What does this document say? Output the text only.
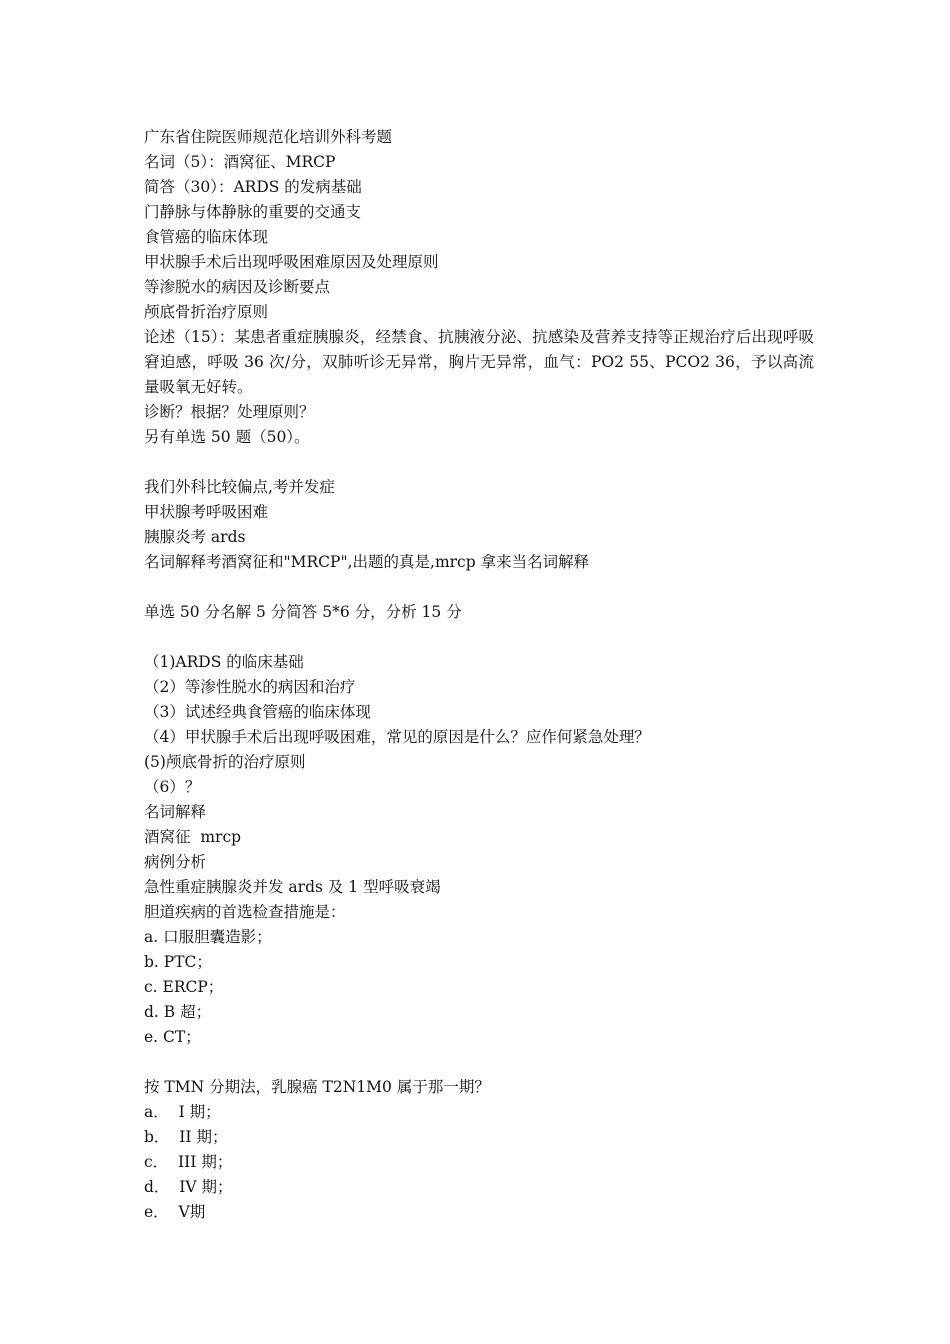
广东省住院医师规范化培训外科考题
名词（5）：酒窝征、MRCP
简答（30）：ARDS 的发病基础
门静脉与体静脉的重要的交通支
食管癌的临床体现
甲状腺手术后出现呼吸困难原因及处理原则
等渗脱水的病因及诊断要点
颅底骨折治疗原则
论述（15）：某患者重症胰腺炎，经禁食、抗胰液分泌、抗感染及营养支持等正规治疗后出现呼吸窘迫感，呼吸 36 次/分，双肺听诊无异常，胸片无异常，血气：PO2 55、PCO2 36，予以高流量吸氧无好转。
诊断？根据？处理原则？
另有单选 50 题（50）。
我们外科比较偏点,考并发症
甲状腺考呼吸困难
胰腺炎考 ards
名词解释考酒窝征和"MRCP",出题的真是,mrcp 拿来当名词解释
单选 50 分名解 5 分简答 5*6 分，分析 15 分
（1)ARDS 的临床基础
（2）等渗性脱水的病因和治疗
（3）试述经典食管癌的临床体现
（4）甲状腺手术后出现呼吸困难，常见的原因是什么？应作何紧急处理？
(5)颅底骨折的治疗原则
（6）？
名词解释
酒窝征  mrcp
病例分析
急性重症胰腺炎并发 ards 及 1 型呼吸衰竭
胆道疾病的首选检查措施是：
a. 口服胆囊造影；
b. PTC；
c. ERCP；
d. B 超；
e. CT；
按 TMN 分期法，乳腺癌 T2N1M0 属于那一期？
a．  I 期；
b．  II 期；
c．  III 期；
d．  IV 期；
e．  Ⅴ期
